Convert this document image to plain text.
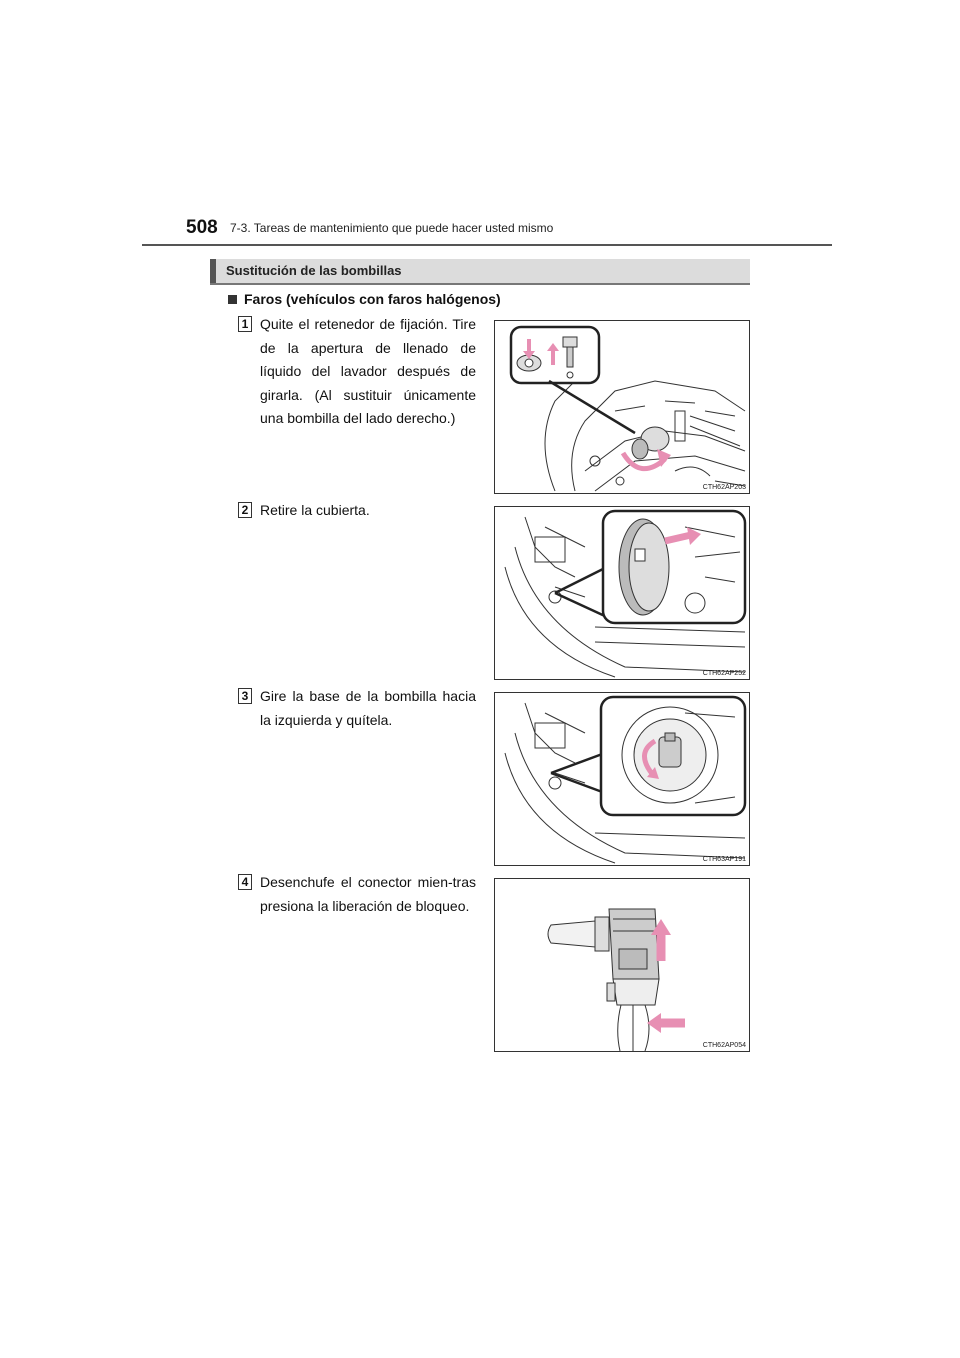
508 7-3. Tareas de mantenimiento que puede hacer usted mismo
Sustitución de las bombillas
Faros (vehículos con faros halógenos)
1 Quite el retenedor de fijación. Tire de la apertura de llenado de líquido del lavador después de girarla. (Al sustituir únicamente una bombilla del lado derecho.)
CTH62AP203
2 Retire la cubierta.
CTH62AP252
3 Gire la base de la bombilla hacia la izquierda y quítela.
CTH63AP191
4 Desenchufe el conector mien-tras presiona la liberación de bloqueo.
CTH62AP054
